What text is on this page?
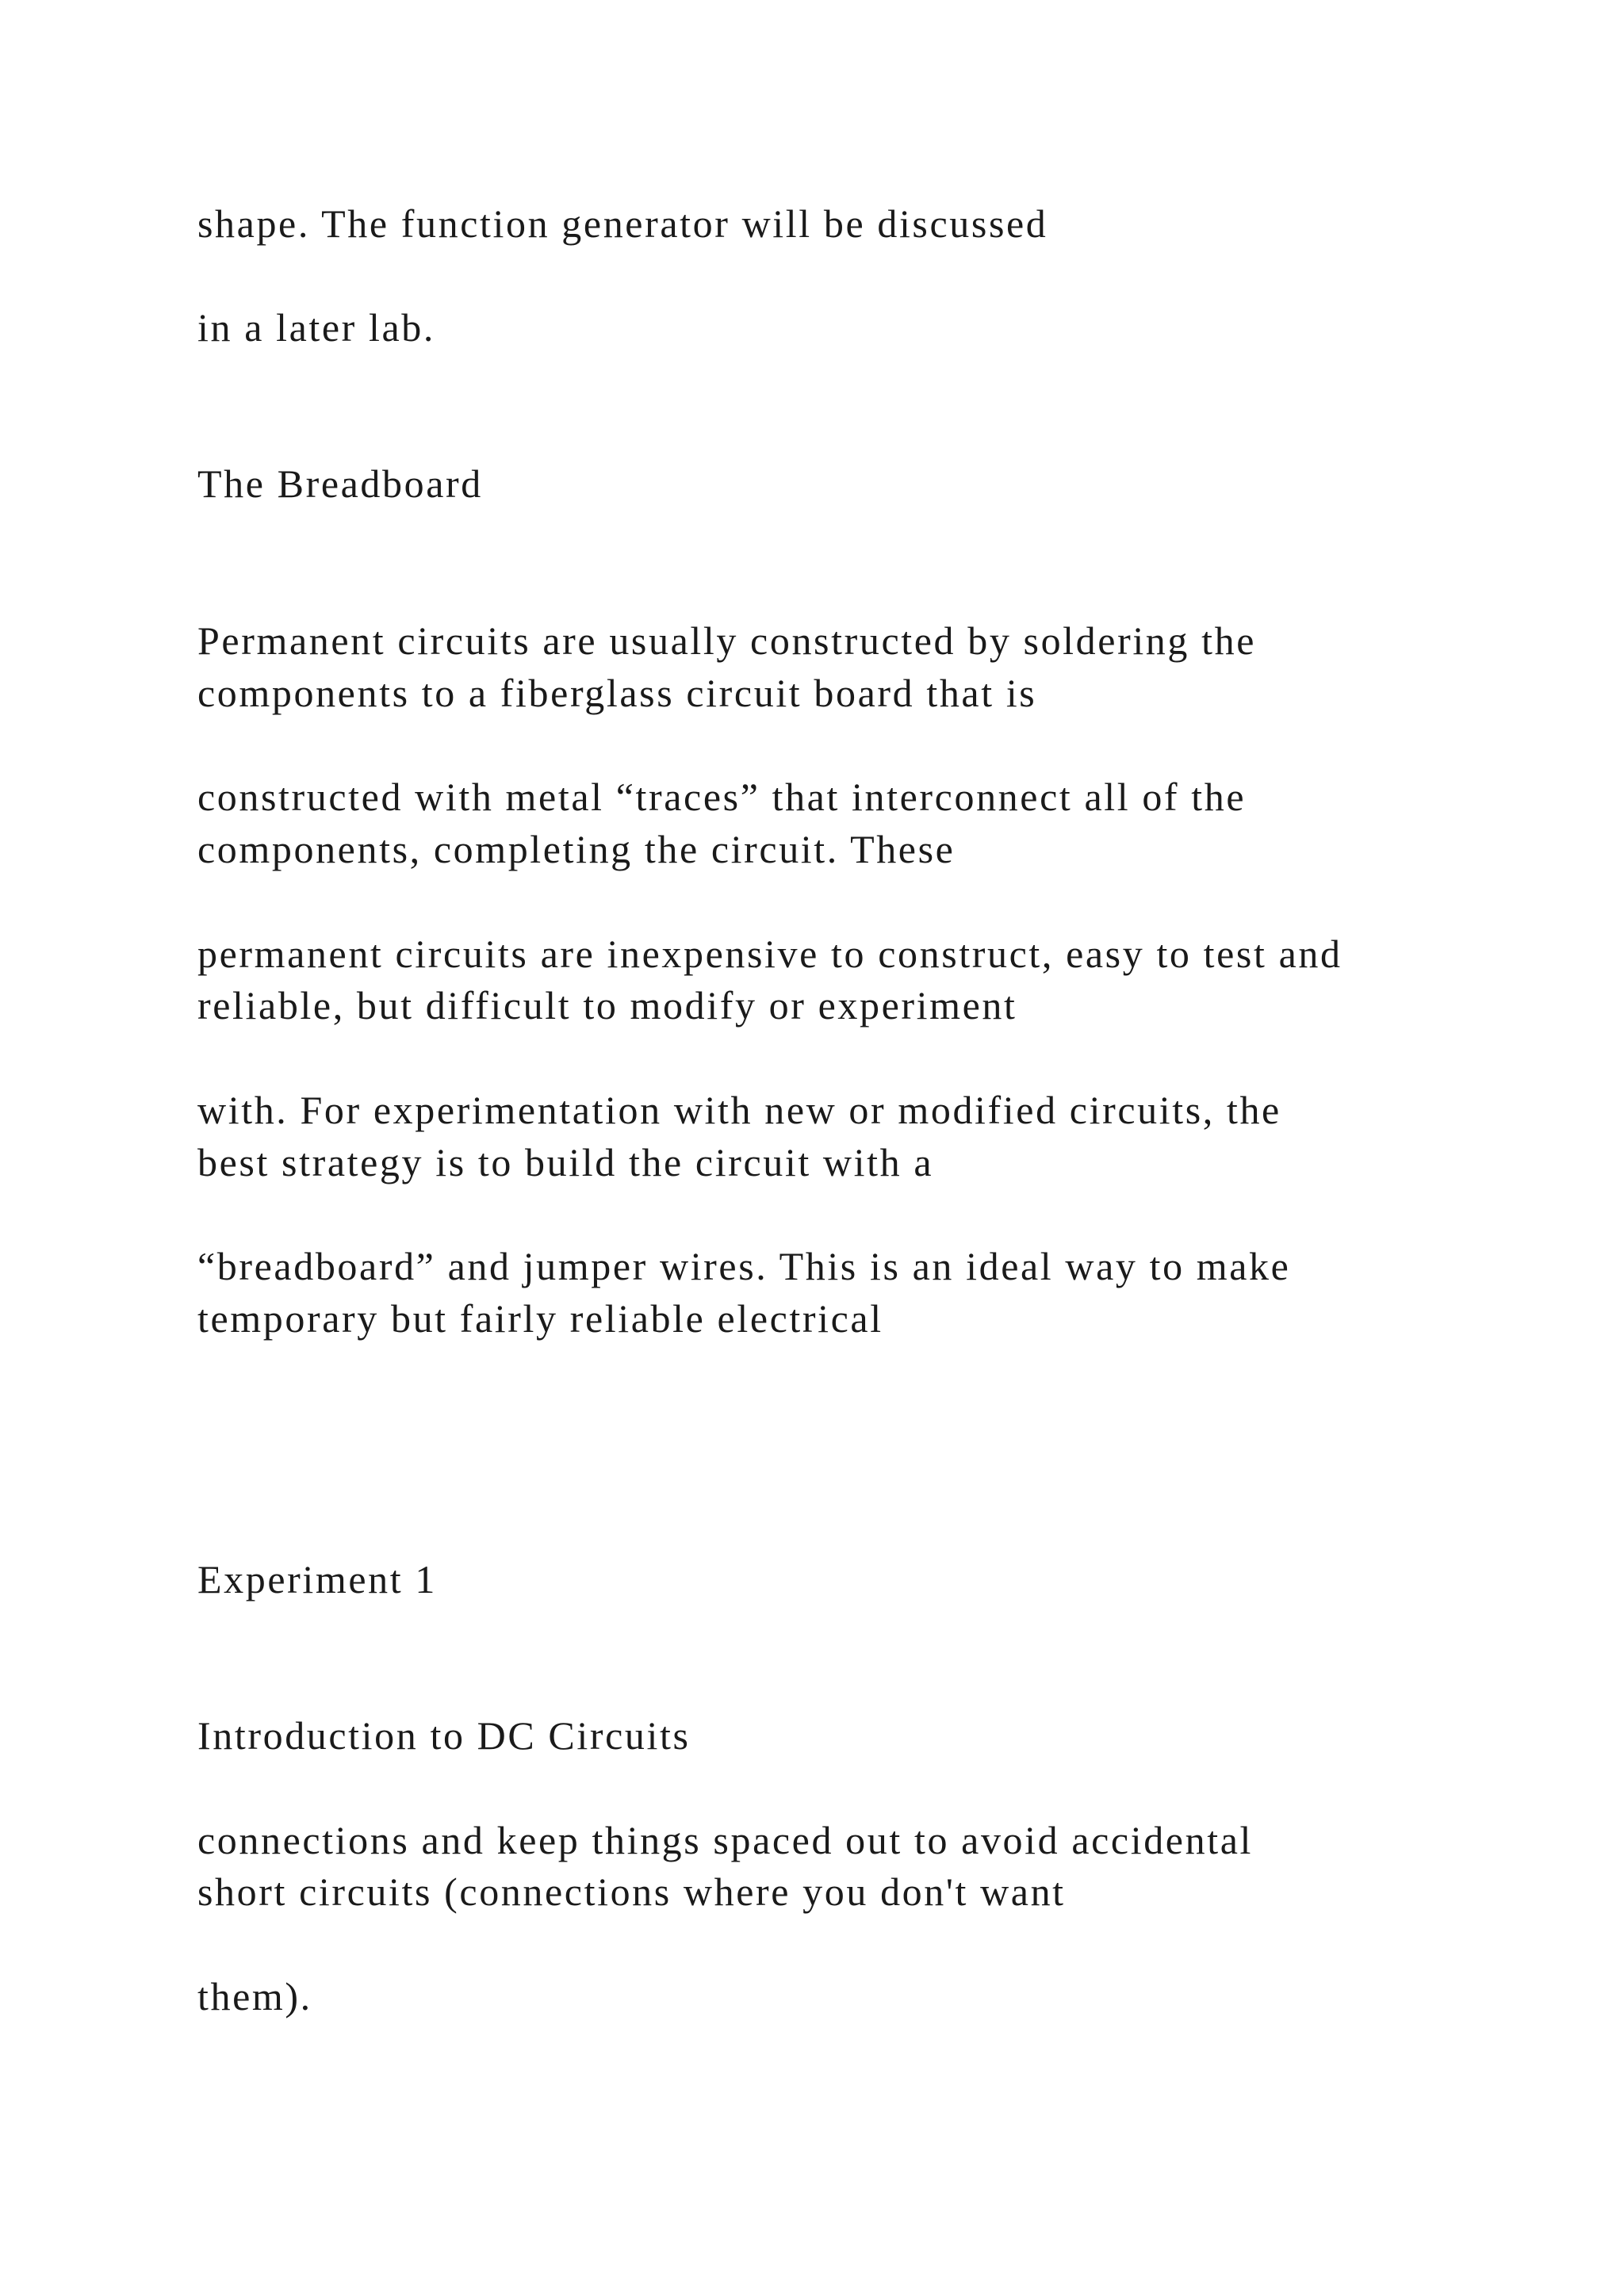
shape. The function generator will be discussed

in a later lab.

The Breadboard

Permanent circuits are usually constructed by soldering the

components to a fiberglass circuit board that is

constructed with metal “traces” that interconnect all of the

components, completing the circuit. These

permanent circuits are inexpensive to construct, easy to test and

reliable, but difficult to modify or experiment

with. For experimentation with new or modified circuits, the

best strategy is to build the circuit with a

“breadboard” and jumper wires. This is an ideal way to make

temporary but fairly reliable electrical

Experiment 1

Introduction to DC Circuits

connections and keep things spaced out to avoid accidental

short circuits (connections where you don't want

them).
